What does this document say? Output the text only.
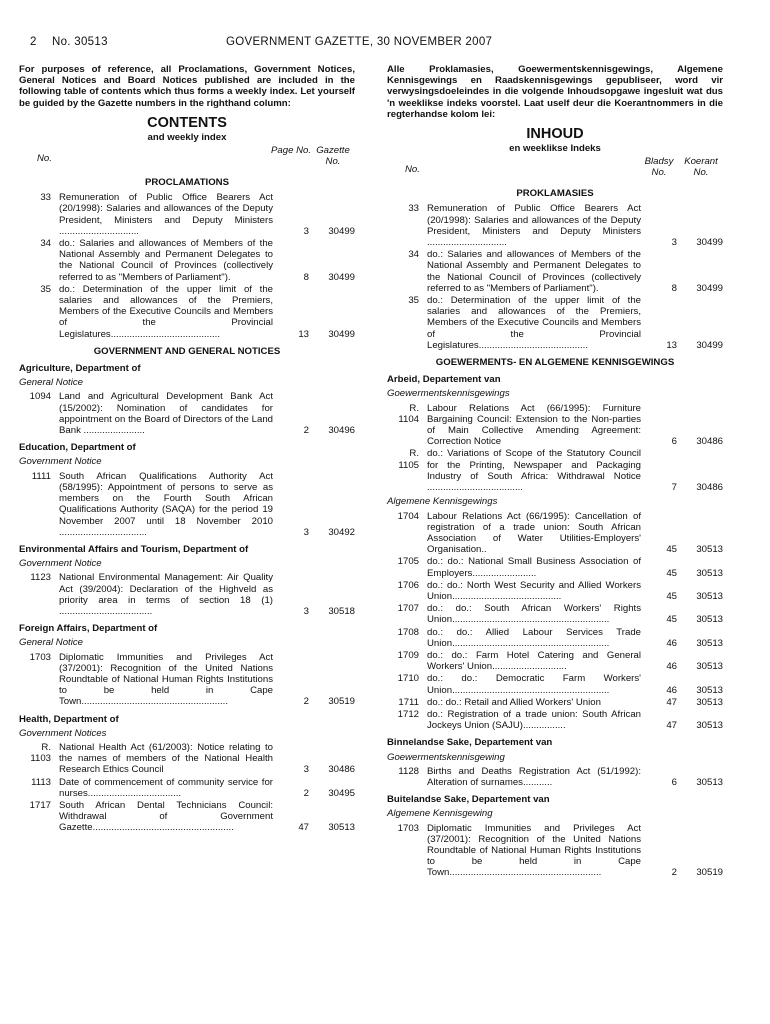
2 No. 30513	GOVERNMENT GAZETTE, 30 NOVEMBER 2007
For purposes of reference, all Proclamations, Government Notices, General Notices and Board Notices published are included in the following table of contents which thus forms a weekly index. Let yourself be guided by the Gazette numbers in the righthand column:
CONTENTS
and weekly index
No.
Page No. Gazette No.
PROCLAMATIONS
33 Remuneration of Public Office Bearers Act (20/1998): Salaries and allowances of the Deputy President, Ministers and Deputy Ministers ..............................	3	30499
34 do.: Salaries and allowances of Members of the National Assembly and Permanent Delegates to the National Council of Provinces (collectively referred to as "Members of Parliament").	8	30499
35 do.: Determination of the upper limit of the salaries and allowances of the Premiers, Members of the Executive Councils and Members of the Provincial Legislatures.........................................	13	30499
GOVERNMENT AND GENERAL NOTICES
Agriculture, Department of
General Notice
1094 Land and Agricultural Development Bank Act (15/2002): Nomination of candidates for appointment on the Board of Directors of the Land Bank .......................	2	30496
Education, Department of
Government Notice
1111 South African Qualifications Authority Act (58/1995): Appointment of persons to serve as members on the Fourth South African Qualifications Authority (SAQA) for the period 19 November 2007 until 18 November 2010 .................................	3	30492
Environmental Affairs and Tourism, Department of
Government Notice
1123 National Environmental Management: Air Quality Act (39/2004): Declaration of the Highveld as priority area in terms of section 18 (1) ...................................	3	30518
Foreign Affairs, Department of
General Notice
1703 Diplomatic Immunities and Privileges Act (37/2001): Recognition of the United Nations Roundtable of National Human Rights Institutions to be held in Cape Town.......................................................	2	30519
Health, Department of
Government Notices
R. 1103
National Health Act (61/2003): Notice relating to the names of members of the National Health Research Ethics Council	3	30486
1113 Date of commencement of community service for nurses...................................	2	30495
1717 South African Dental Technicians Council: Withdrawal of Government Gazette.....................................................	47	30513
Alle Proklamasies, Goewermentskennisgewings, Algemene Kennisgewings en Raadskennisgewings gepubliseer, word vir verwysingsdoeleindes in die volgende Inhoudsopgawe ingesluit wat dus 'n weeklikse indeks voorstel. Laat uself deur die Koerantnommers in die regterhandse kolom lei:
INHOUD
en weeklikse Indeks
No.
Bladsy No.
Koerant No.
PROKLAMASIES
33 Remuneration of Public Office Bearers Act (20/1998): Salaries and allowances of the Deputy President, Ministers and Deputy Ministers ..............................	3	30499
34 do.: Salaries and allowances of Members of the National Assembly and Permanent Delegates to the National Council of Provinces (collectively referred to as "Members of Parliament").	8	30499
35 do.: Determination of the upper limit of the salaries and allowances of the Premiers, Members of the Executive Councils and Members of the Provincial Legislatures.........................................	13	30499
GOEWERMENTS- EN ALGEMENE KENNISGEWINGS
Arbeid, Departement van
Goewermentskennisgewings
R. 1104
Labour Relations Act (66/1995): Furniture Bargaining Council: Extension to the Non-parties of Main Collective Amending Agreement: Correction Notice	6	30486
R. 1105
do.: Variations of Scope of the Statutory Council for the Printing, Newspaper and Packaging Industry of South Africa: Withdrawal Notice ....................................	7	30486
Algemene Kennisgewings
1704 Labour Relations Act (66/1995): Cancellation of registration of a trade union: South African Association of Water Utilities-Employers' Organisation..	45	30513
1705 do.: do.: National Small Business Association of Employers........................	45	30513
1706 do.: do.: North West Security and Allied Workers Union.........................................	45	30513
1707 do.: do.: South African Workers' Rights Union...........................................................	45	30513
1708 do.: do.: Allied Labour Services Trade Union...........................................................	46	30513
1709 do.: do.: Farm Hotel Catering and General Workers' Union............................	46	30513
1710 do.: do.: Democratic Farm Workers' Union...........................................................	46	30513
1711 do.: do.: Retail and Allied Workers' Union	47	30513
1712 do.: Registration of a trade union: South African Jockeys Union (SAJU)................	47	30513
Binnelandse Sake, Departement van
Goewermentskennisgewing
1128 Births and Deaths Registration Act (51/1992): Alteration of surnames...........	6	30513
Buitelandse Sake, Departement van
Algemene Kennisgewing
1703 Diplomatic Immunities and Privileges Act (37/2001): Recognition of the United Nations Roundtable of National Human Rights Institutions to be held in Cape Town.........................................................	2	30519
